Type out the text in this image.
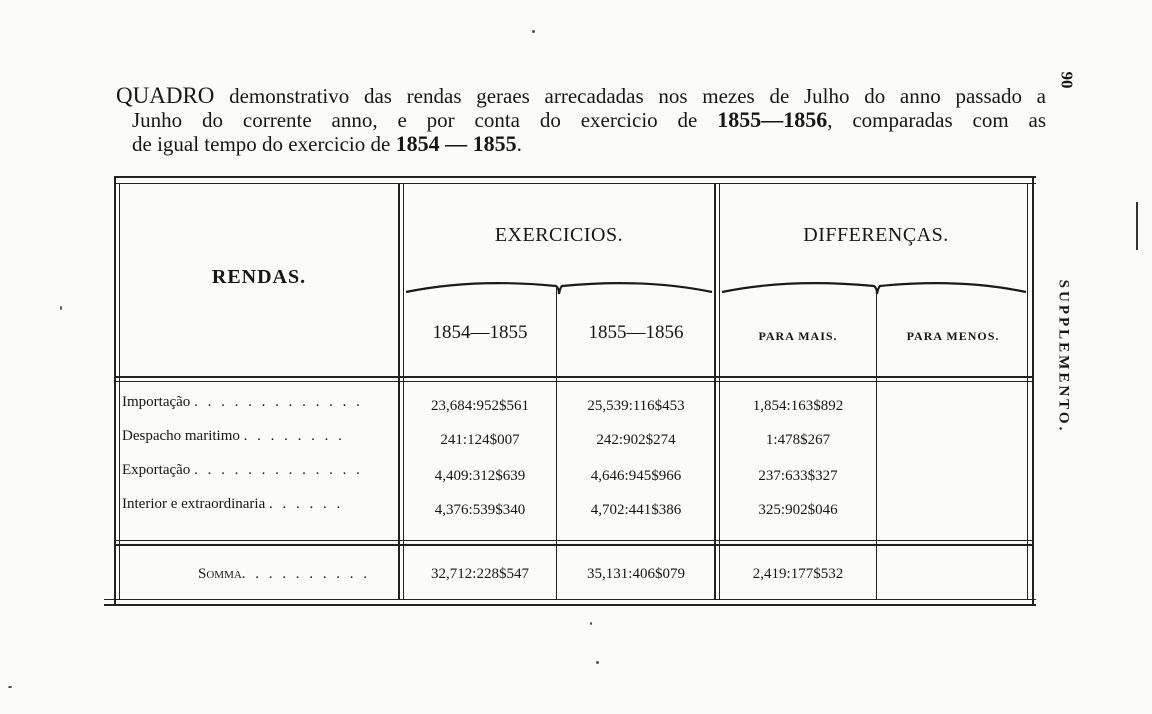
90
SUPPLEMENTO.
QUADRO demonstrativo das rendas geraes arrecadadas nos mezes de Julho do anno passado a
Junho do corrente anno, e por conta do exercicio de 1855—1856, comparadas com as
de igual tempo do exercicio de 1854 — 1855.
RENDAS.
EXERCICIOS.	DIFFERENÇAS.
1854—1855	1855—1856	PARA MAIS.	PARA MENOS.
Importação . . . . . . . . . . . . .	23,684:952$561	25,539:116$453	1,854:163$892
Despacho maritimo . . . . . . . .	241:124$007	242:902$274	1:478$267
Exportação . . . . . . . . . . . . .	4,409:312$639	4,646:945$966	237:633$327
Interior e extraordinaria . . . . . .	4,376:539$340	4,702:441$386	325:902$046
Somma. . . . . . . . . .	32,712:228$547	35,131:406$079	2,419:177$532
